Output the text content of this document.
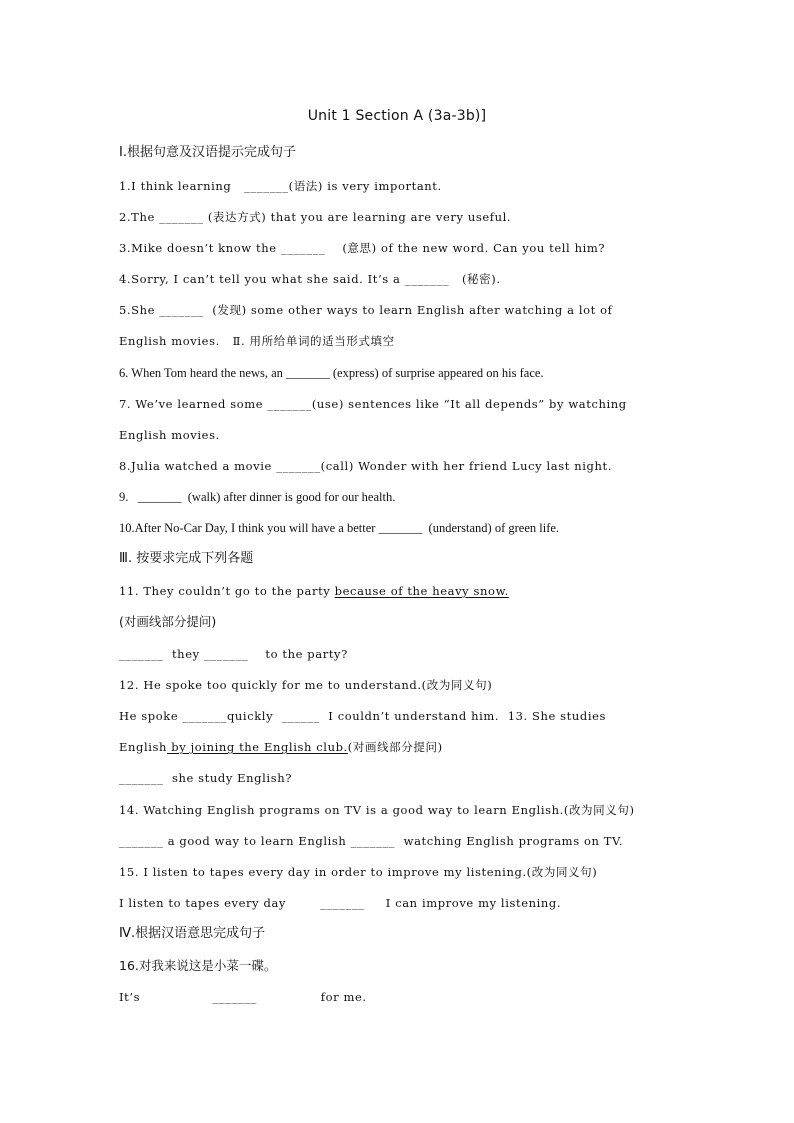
Unit 1 Section A (3a-3b)]
Ⅰ.根据句意及汉语提示完成句子
1.I think learning   _______(语法) is very important.
2.The _______ (表达方式) that you are learning are very useful.
3.Mike doesn’t know the _______    (意思) of the new word. Can you tell him?
4.Sorry, I can’t tell you what she said. It’s a _______   (秘密).
5.She _______  (发现) some other ways to learn English after watching a lot of
English movies.   Ⅱ. 用所给单词的适当形式填空
6. When Tom heard the news, an _______ (express) of surprise appeared on his face.
7. We’ve learned some _______(use) sentences like “It all depends” by watching
English movies.
8.Julia watched a movie _______(call) Wonder with her friend Lucy last night.
9.   _______  (walk) after dinner is good for our health.
10.After No-Car Day, I think you will have a better _______  (understand) of green life.
Ⅲ. 按要求完成下列各题
11. They couldn’t go to the party because of the heavy snow.
(对画线部分提问)
_______  they _______    to the party?
12. He spoke too quickly for me to understand.(改为同义句)
He spoke _______quickly  ______  I couldn’t understand him.  13. She studies
English by joining the English club.(对画线部分提问)
_______  she study English?
14. Watching English programs on TV is a good way to learn English.(改为同义句)
_______ a good way to learn English _______  watching English programs on TV.
15. I listen to tapes every day in order to improve my listening.(改为同义句)
I listen to tapes every day        _______     I can improve my listening.
Ⅳ.根据汉语意思完成句子
16.对我来说这是小菜一碟。
It’s                 _______               for me.
